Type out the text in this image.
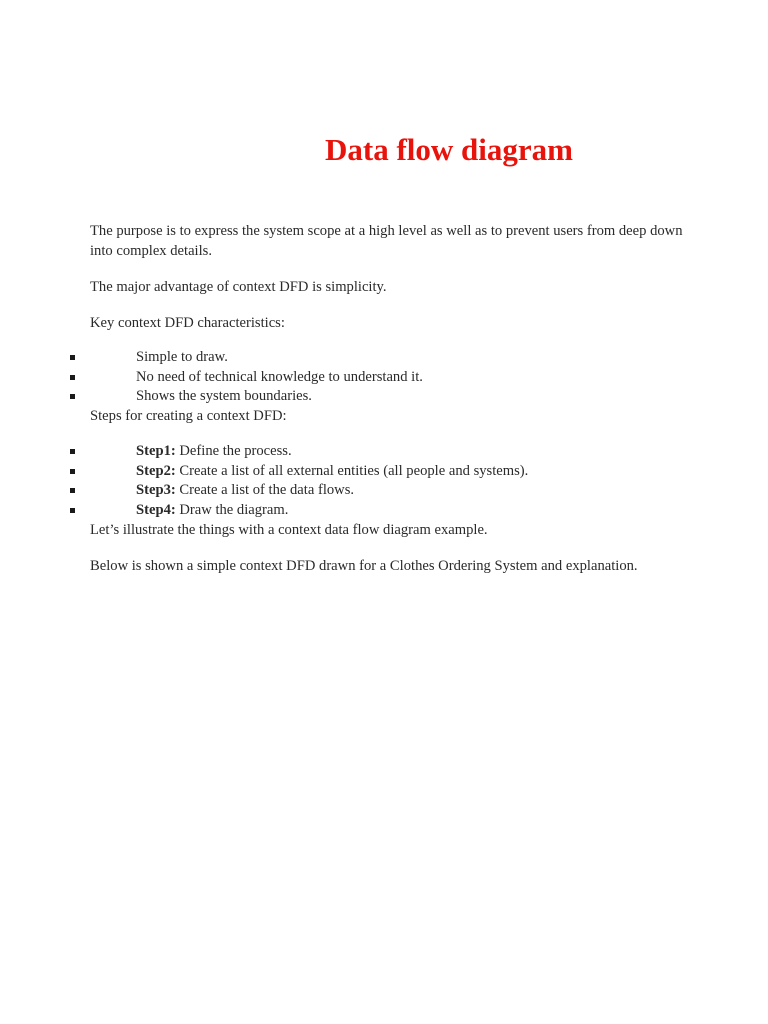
Data flow diagram

The purpose is to express the system scope at a high level as well as to prevent users from deep down into complex details.

The major advantage of context DFD is simplicity.

Key context DFD characteristics:

Simple to draw.
No need of technical knowledge to understand it.
Shows the system boundaries.

Steps for creating a context DFD:

Step1: Define the process.
Step2: Create a list of all external entities (all people and systems).
Step3: Create a list of the data flows.
Step4: Draw the diagram.

Let’s illustrate the things with a context data flow diagram example.

Below is shown a simple context DFD drawn for a Clothes Ordering System and explanation.
